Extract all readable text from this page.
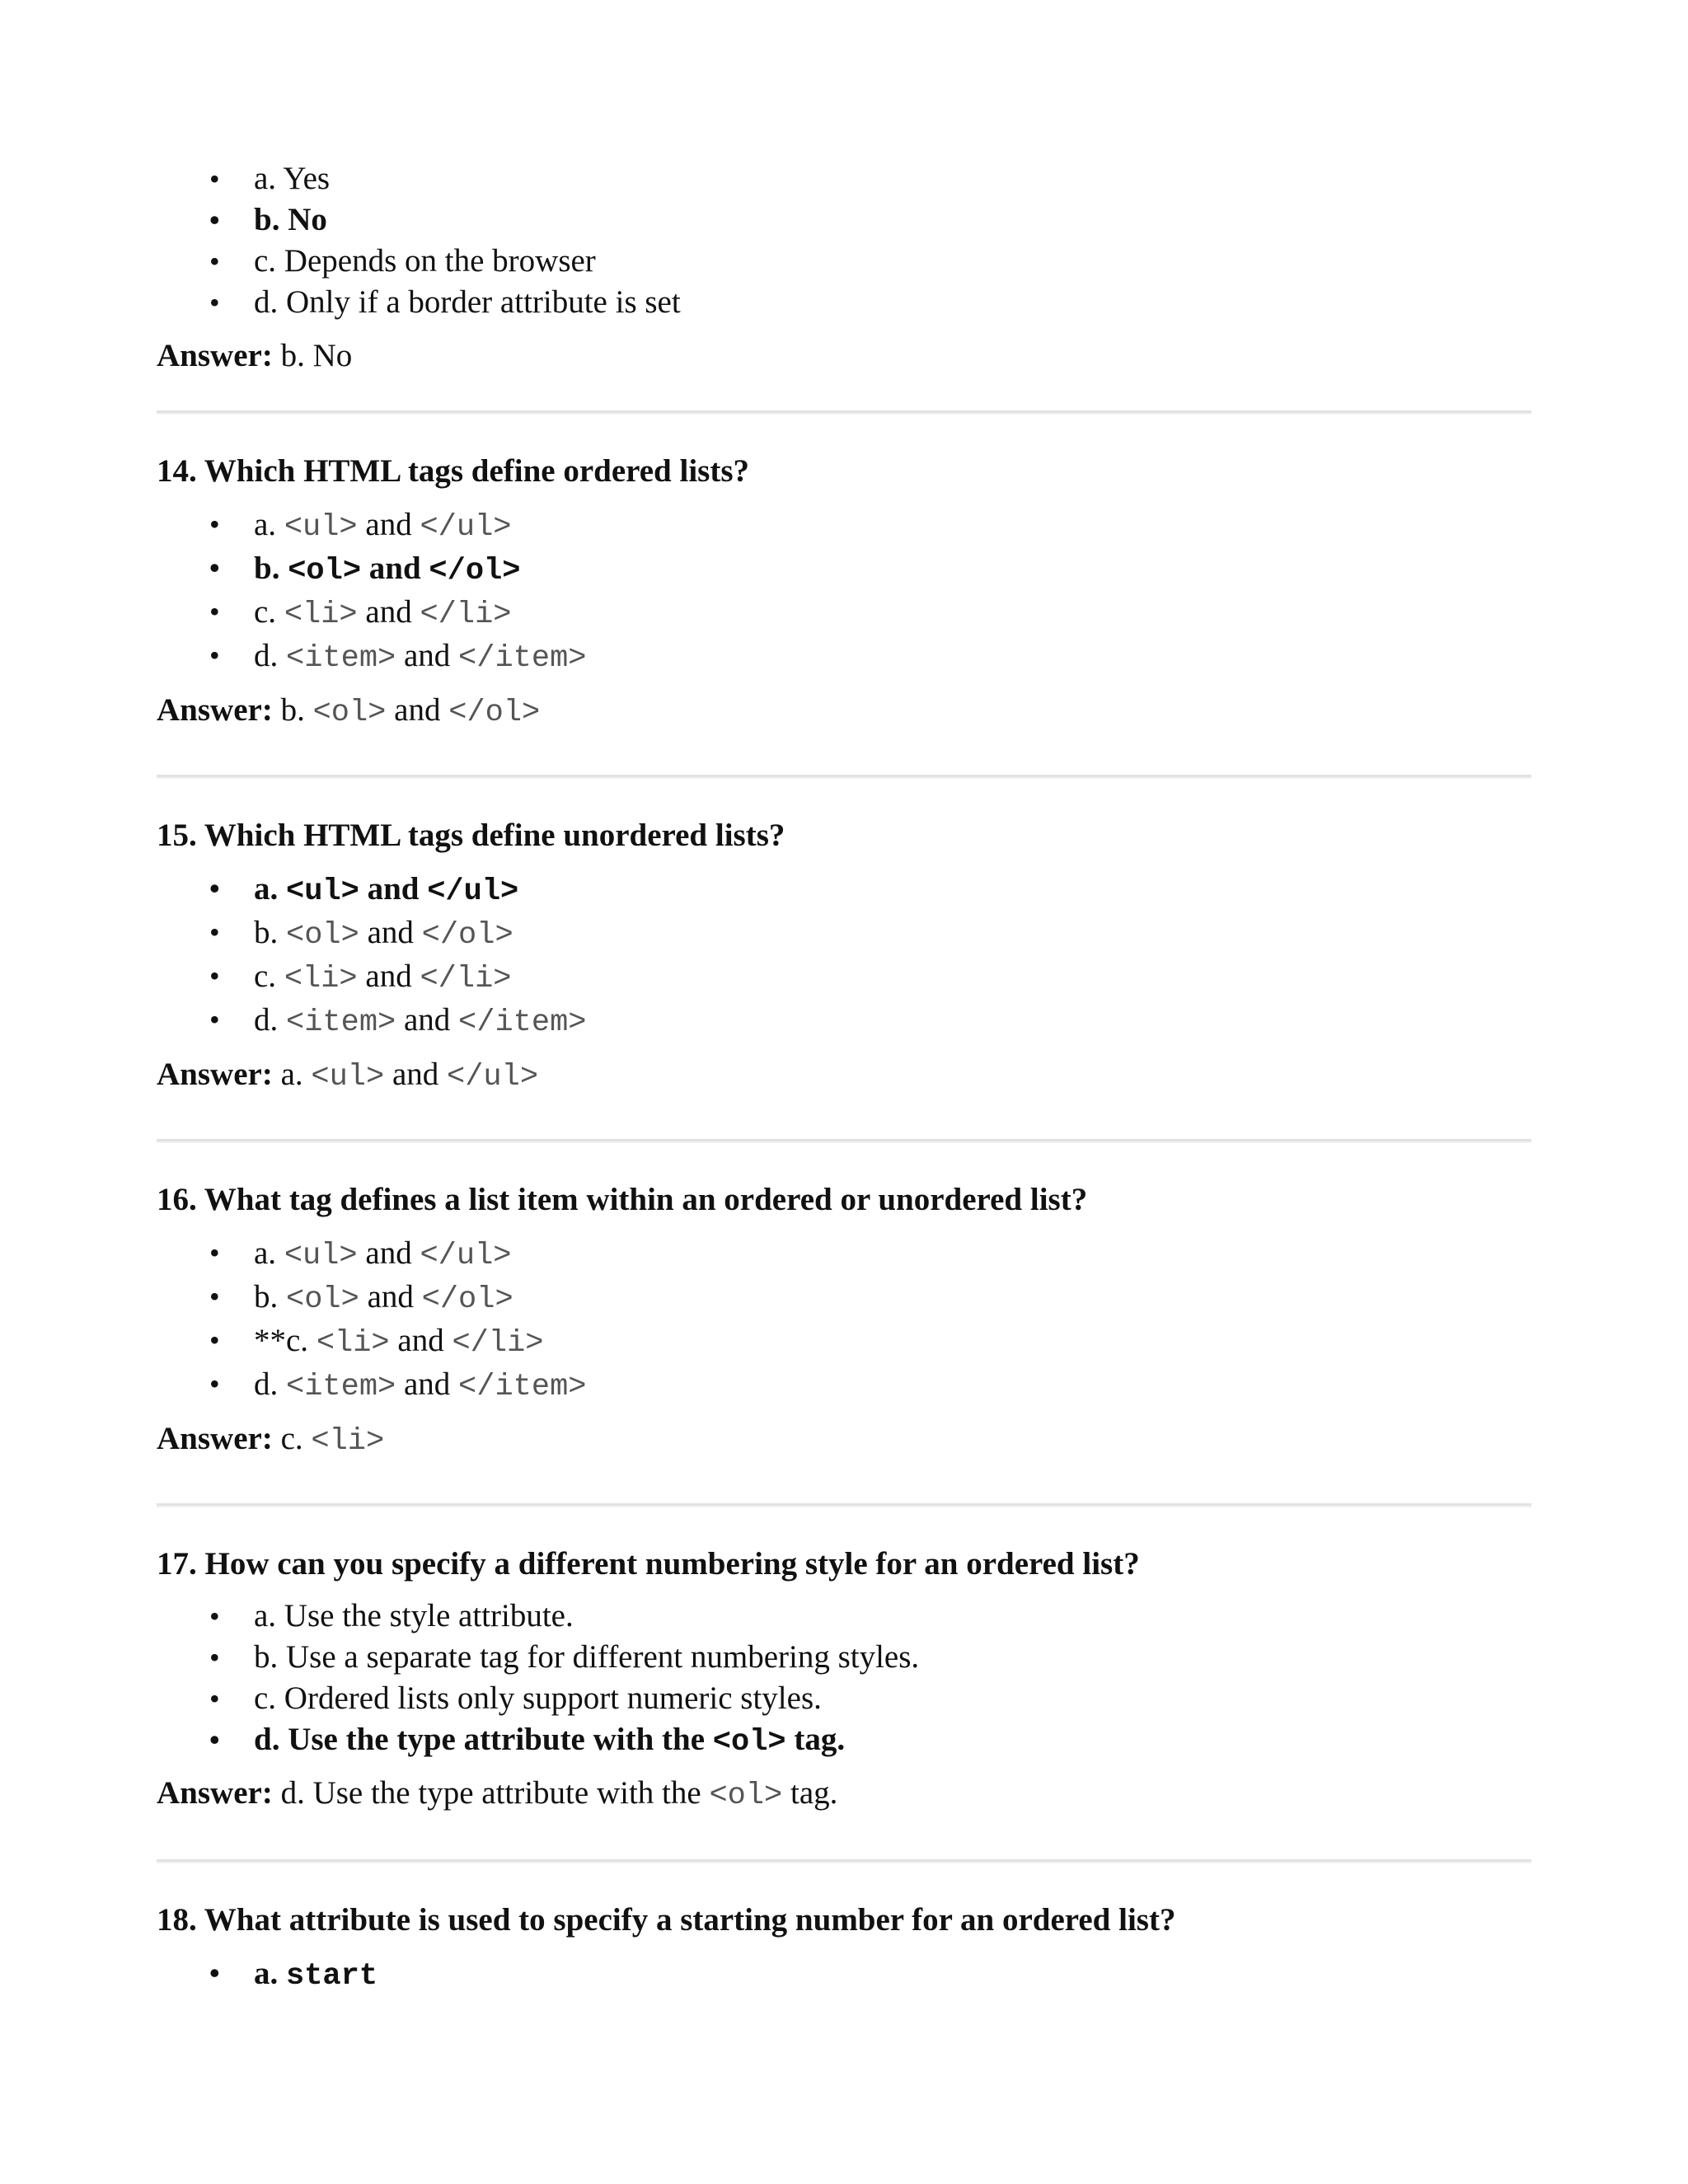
• a. Yes
• b. No
• c. Depends on the browser
• d. Only if a border attribute is set
Answer: b. No
14. Which HTML tags define ordered lists?
• a. <ul> and </ul>
• b. <ol> and </ol>
• c. <li> and </li>
• d. <item> and </item>
Answer: b. <ol> and </ol>
15. Which HTML tags define unordered lists?
• a. <ul> and </ul>
• b. <ol> and </ol>
• c. <li> and </li>
• d. <item> and </item>
Answer: a. <ul> and </ul>
16. What tag defines a list item within an ordered or unordered list?
• a. <ul> and </ul>
• b. <ol> and </ol>
• **c. <li> and </li>
• d. <item> and </item>
Answer: c. <li>
17. How can you specify a different numbering style for an ordered list?
• a. Use the style attribute.
• b. Use a separate tag for different numbering styles.
• c. Ordered lists only support numeric styles.
• d. Use the type attribute with the <ol> tag.
Answer: d. Use the type attribute with the <ol> tag.
18. What attribute is used to specify a starting number for an ordered list?
• a. start
